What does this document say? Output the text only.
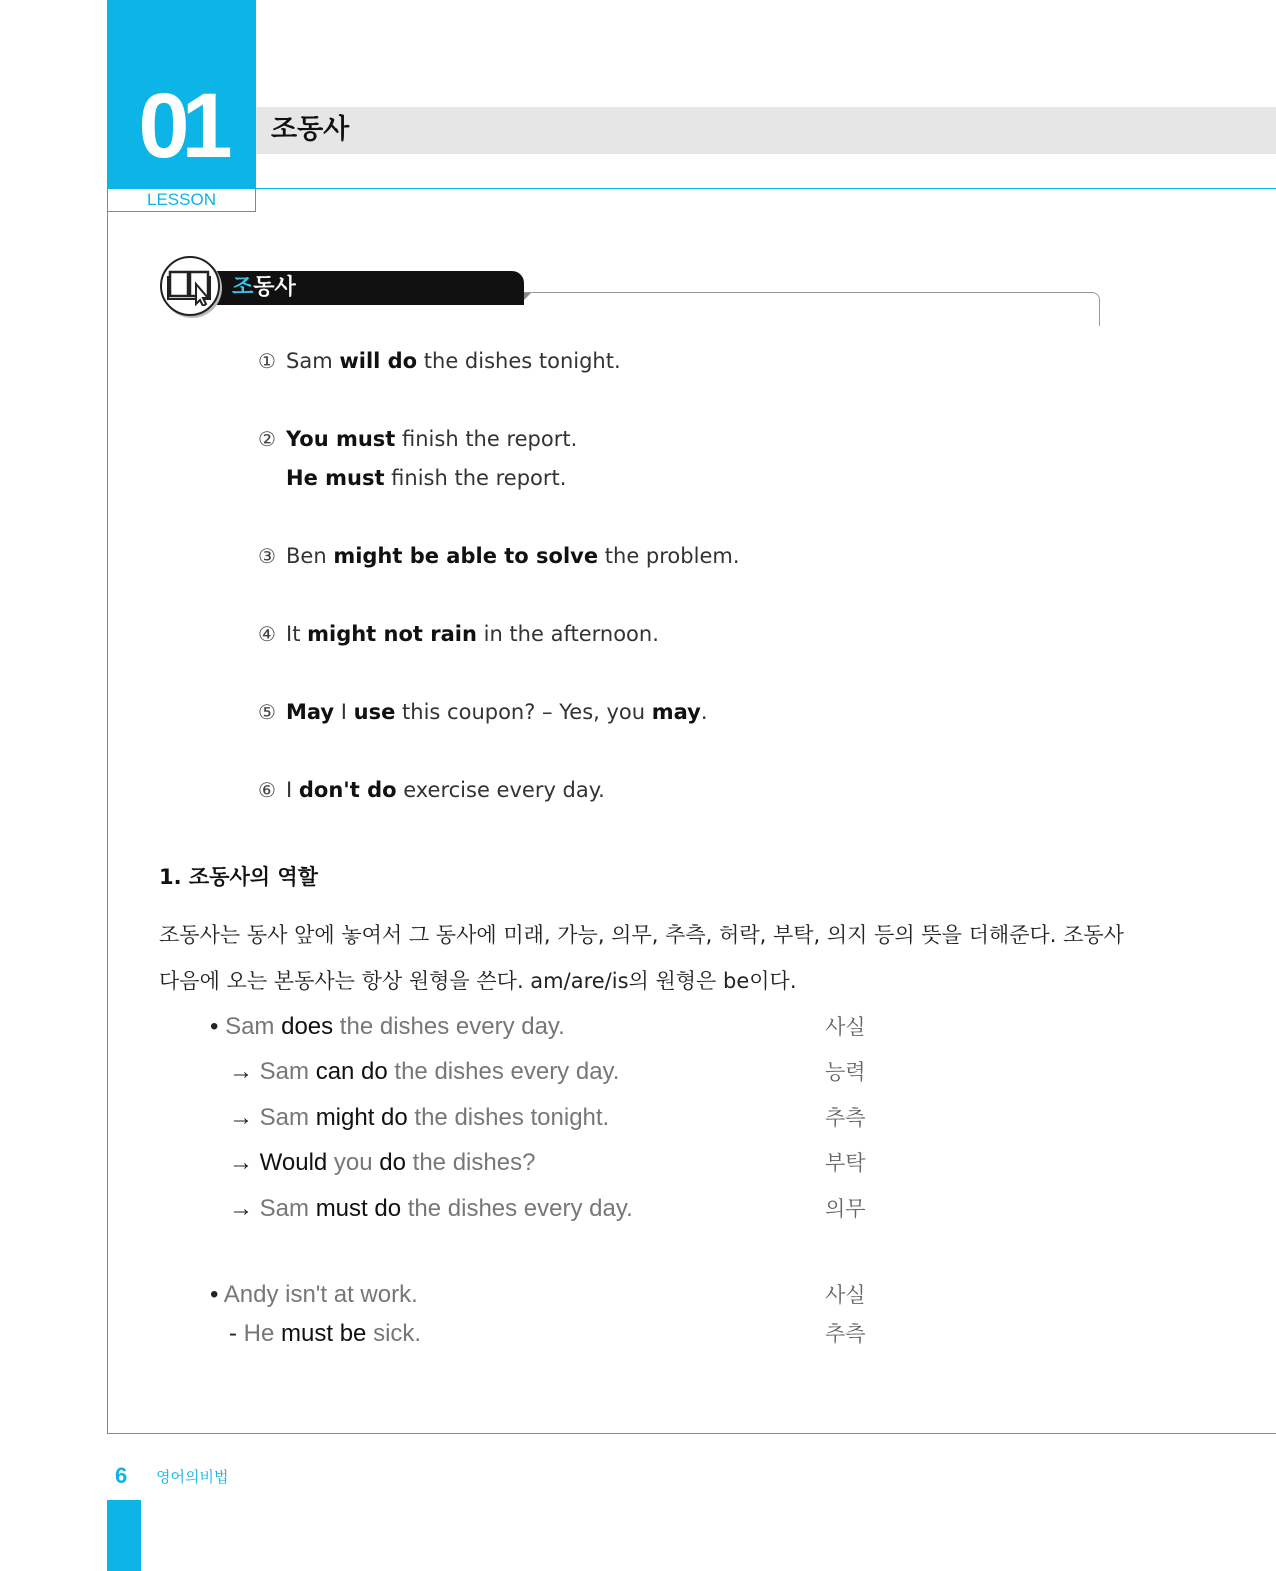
01
LESSON
조동사
조동사
① Sam will do the dishes tonight.
② You must finish the report.
He must finish the report.
③ Ben might be able to solve the problem.
④ It might not rain in the afternoon.
⑤ May I use this coupon? – Yes, you may.
⑥ I don't do exercise every day.
1. 조동사의 역할
조동사는 동사 앞에 놓여서 그 동사에 미래, 가능, 의무, 추측, 허락, 부탁, 의지 등의 뜻을 더해준다. 조동사
다음에 오는 본동사는 항상 원형을 쓴다. am/are/is의 원형은 be이다.
• Sam does the dishes every day.	사실
→ Sam can do the dishes every day.	능력
→ Sam might do the dishes tonight.	추측
→ Would you do the dishes?	부탁
→ Sam must do the dishes every day.	의무
• Andy isn't at work.	사실
- He must be sick.	추측
6 영어의비법
